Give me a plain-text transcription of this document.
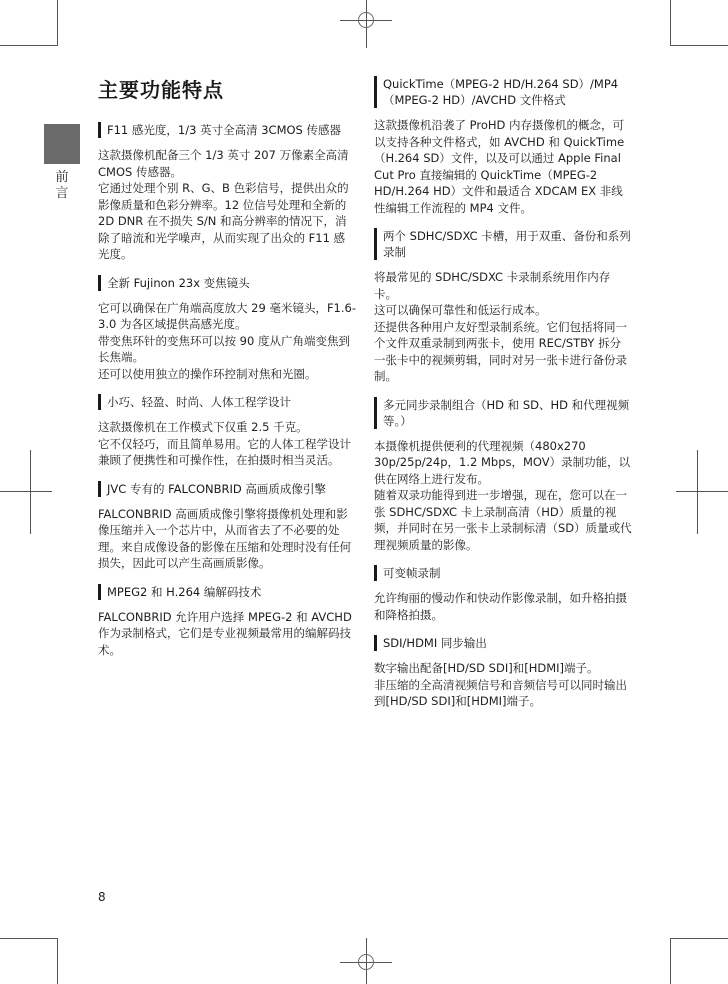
前
言
主要功能特点
F11 感光度，1/3 英寸全高清 3CMOS 传感器

这款摄像机配备三个 1/3 英寸 207 万像素全高清 CMOS 传感器。

它通过处理个别 R、G、B 色彩信号，提供出众的影像质量和色彩分辨率。12 位信号处理和全新的 2D DNR 在不损失 S/N 和高分辨率的情况下，消除了暗流和光学噪声，从而实现了出众的 F11 感光度。

全新 Fujinon 23x 变焦镜头

它可以确保在广角端高度放大 29 毫米镜头，F1.6-3.0 为各区域提供高感光度。

带变焦环针的变焦环可以按 90 度从广角端变焦到长焦端。

还可以使用独立的操作环控制对焦和光圈。

小巧、轻盈、时尚、人体工程学设计

这款摄像机在工作模式下仅重 2.5 千克。

它不仅轻巧，而且简单易用。它的人体工程学设计兼顾了便携性和可操作性，在拍摄时相当灵活。

JVC 专有的 FALCONBRID 高画质成像引擎

FALCONBRID 高画质成像引擎将摄像机处理和影像压缩并入一个芯片中，从而省去了不必要的处理。来自成像设备的影像在压缩和处理时没有任何损失，因此可以产生高画质影像。

MPEG2 和 H.264 编解码技术

FALCONBRID 允许用户选择 MPEG-2 和 AVCHD 作为录制格式，它们是专业视频最常用的编解码技术。

QuickTime（MPEG-2 HD/H.264 SD）/MP4（MPEG-2 HD）/AVCHD 文件格式

这款摄像机沿袭了 ProHD 内存摄像机的概念，可以支持各种文件格式，如 AVCHD 和 QuickTime（H.264 SD）文件，以及可以通过 Apple Final Cut Pro 直接编辑的 QuickTime（MPEG-2 HD/H.264 HD）文件和最适合 XDCAM EX 非线性编辑工作流程的 MP4 文件。

两个 SDHC/SDXC 卡槽，用于双重、备份和系列录制

将最常见的 SDHC/SDXC 卡录制系统用作内存卡。

这可以确保可靠性和低运行成本。

还提供各种用户友好型录制系统。它们包括将同一个文件双重录制到两张卡，使用 REC/STBY 拆分一张卡中的视频剪辑，同时对另一张卡进行备份录制。

多元同步录制组合（HD 和 SD、HD 和代理视频等。）

本摄像机提供便利的代理视频（480x270 30p/25p/24p，1.2 Mbps，MOV）录制功能，以供在网络上进行发布。

随着双录功能得到进一步增强，现在，您可以在一张 SDHC/SDXC 卡上录制高清（HD）质量的视频，并同时在另一张卡上录制标清（SD）质量或代理视频质量的影像。

可变帧录制

允许绚丽的慢动作和快动作影像录制，如升格拍摄和降格拍摄。

SDI/HDMI 同步输出

数字输出配备[HD/SD SDI]和[HDMI]端子。

非压缩的全高清视频信号和音频信号可以同时输出到[HD/SD SDI]和[HDMI]端子。

8
